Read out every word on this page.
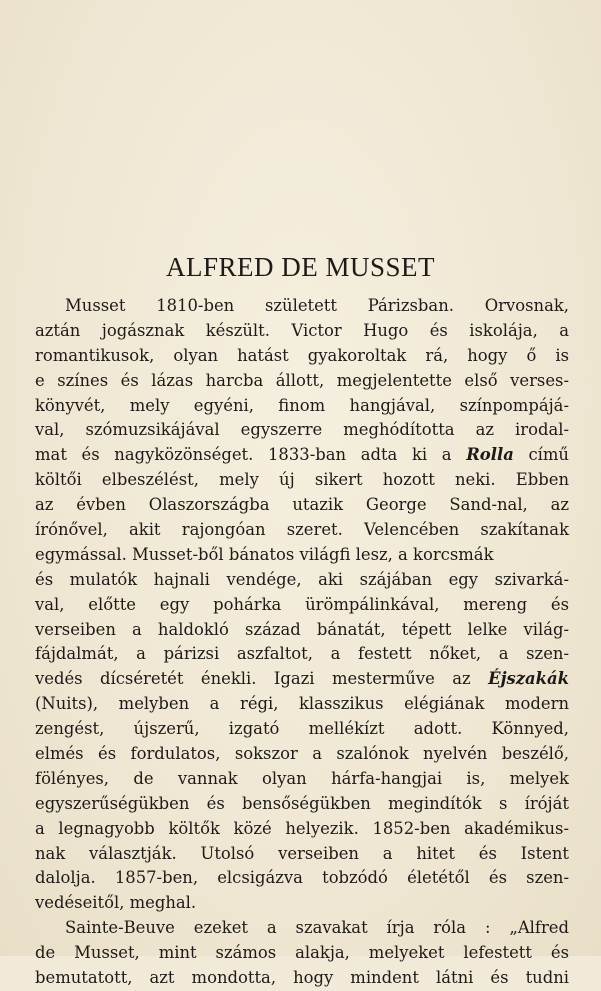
ALFRED DE MUSSET
Musset 1810-ben született Párizsban. Orvosnak,
aztán jogásznak készült. Victor Hugo és iskolája, a
romantikusok, olyan hatást gyakoroltak rá, hogy ő is
e színes és lázas harcba állott, megjelentette első verses-
könyvét, mely egyéni, finom hangjával, színpompájá-
val, szómuzsikájával egyszerre meghódította az irodal-
mat és nagyközönséget. 1833-ban adta ki a Rolla című
költői elbeszélést, mely új sikert hozott neki. Ebben
az évben Olaszországba utazik George Sand-nal, az
írónővel, akit rajongóan szeret. Velencében szakítanak
egymással. Musset-ből bánatos világfi lesz, a korcsmák
és mulatók hajnali vendége, aki szájában egy szivarká-
val, előtte egy pohárka ürömpálinkával, mereng és
verseiben a haldokló század bánatát, tépett lelke világ-
fájdalmát, a párizsi aszfaltot, a festett nőket, a szen-
vedés dícséretét énekli. Igazi mesterműve az Éjszakák
(Nuits), melyben a régi, klasszikus elégiának modern
zengést, újszerű, izgató mellékízt adott. Könnyed,
elmés és fordulatos, sokszor a szalónok nyelvén beszélő,
fölényes, de vannak olyan hárfa-hangjai is, melyek
egyszerűségükben és bensőségükben megindítók s íróját
a legnagyobb költők közé helyezik. 1852-ben akadémikus-
nak választják. Utolsó verseiben a hitet és Istent
dalolja. 1857-ben, elcsigázva tobzódó életétől és szen-
vedéseitől, meghal.
Sainte-Beuve ezeket a szavakat írja róla : „Alfred
de Musset, mint számos alakja, melyeket lefestett és
bemutatott, azt mondotta, hogy mindent látni és tudni
